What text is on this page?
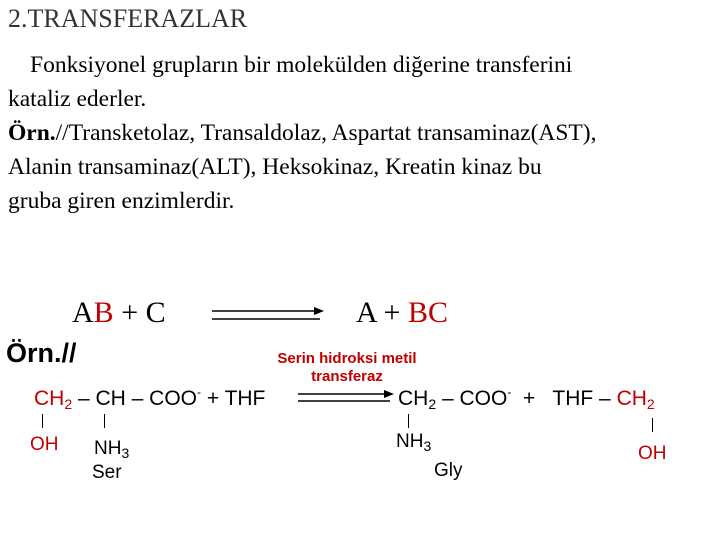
2.TRANSFERAZLAR
Fonksiyonel grupların bir molekülden diğerine transferini
kataliz ederler.
Örn.//Transketolaz, Transaldolaz, Aspartat transaminaz(AST),
Alanin transaminaz(ALT), Heksokinaz, Kreatin kinaz bu
gruba giren enzimlerdir.
AB + C	A + BC
Örn.//	Serin hidroksi metil
transferaz
$CH_2$ – CH – COO- + THF
OH $NH_3$
Ser
$CH_2 - COO^-$ + THF – $CH_2$
$NH_3$
Gly
OH
